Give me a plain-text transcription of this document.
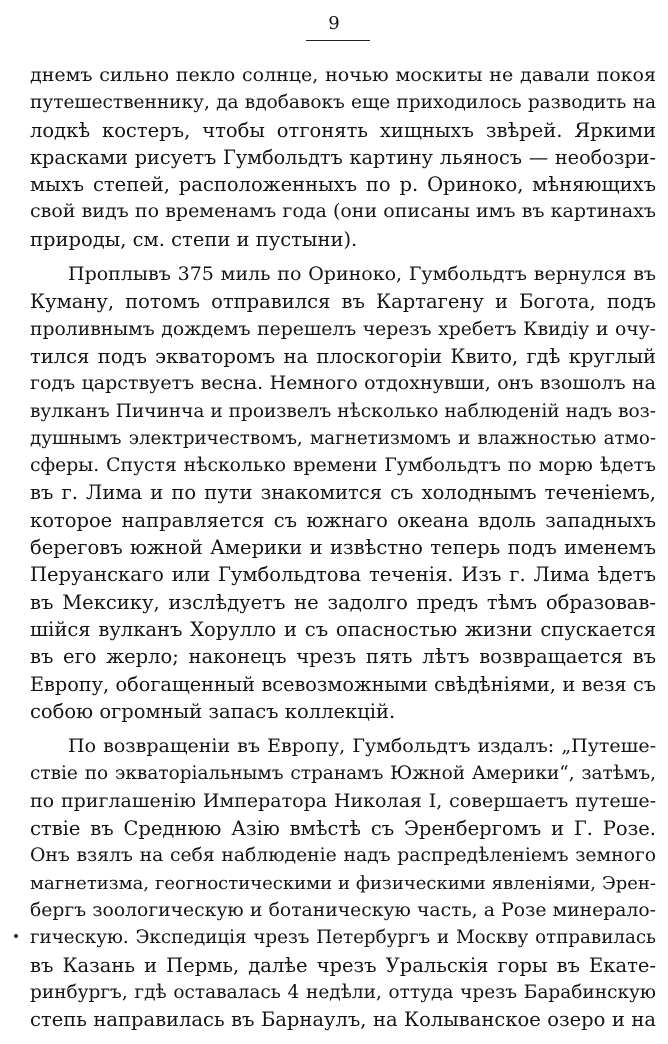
9
днемъ сильно пекло солнце, ночью москиты не давали покоя
путешественнику, да вдобавокъ еще приходилось разводить на
лодкѣ костеръ, чтобы отгонять хищныхъ звѣрей. Яркими
красками рисуетъ Гумбольдтъ картину льяносъ — необозри-
мыхъ степей, расположенныхъ по р. Ориноко, мѣняющихъ
свой видъ по временамъ года (они описаны имъ въ картинахъ
природы, см. степи и пустыни).
Проплывъ 375 миль по Ориноко, Гумбольдтъ вернулся въ
Куману, потомъ отправился въ Картагену и Богота, подъ
проливнымъ дождемъ перешелъ черезъ хребетъ Квидiу и очу-
тился подъ экваторомъ на плоскогорiи Квито, гдѣ круглый
годъ царствуетъ весна. Немного отдохнувши, онъ взошолъ на
вулканъ Пичинча и произвелъ нѣсколько наблюденiй надъ воз-
душнымъ электричествомъ, магнетизмомъ и влажностью атмо-
сферы. Спустя нѣсколько времени Гумбольдтъ по морю ѣдетъ
въ г. Лима и по пути знакомится съ холоднымъ теченiемъ,
которое направляется съ южнаго океана вдоль западныхъ
береговъ южной Америки и извѣстно теперь подъ именемъ
Перуанскаго или Гумбольдтова теченiя. Изъ г. Лима ѣдетъ
въ Мексику, изслѣдуетъ не задолго предъ тѣмъ образовав-
шiйся вулканъ Хорулло и съ опасностью жизни спускается
въ его жерло; наконецъ чрезъ пять лѣтъ возвращается въ
Европу, обогащенный всевозможными свѣдѣнiями, и везя съ
собою огромный запасъ коллекцiй.
По возвращенiи въ Европу, Гумбольдтъ издалъ: „Путеше-
ствiе по экваторiальнымъ странамъ Южной Америки“, затѣмъ,
по приглашенiю Императора Николая I, совершаетъ путеше-
ствiе въ Среднюю Азiю вмѣстѣ съ Эренбергомъ и Г. Розе.
Онъ взялъ на себя наблюденiе надъ распредѣленiемъ земного
магнетизма, геогностическими и физическими явленiями, Эрен-
бергъ зоологическую и ботаническую часть, а Розе минерало-
гическую. Экспедицiя чрезъ Петербургъ и Москву отправилась
въ Казань и Пермь, далѣе чрезъ Уральскiя горы въ Екатe-
ринбургъ, гдѣ оставалась 4 недѣли, оттуда чрезъ Барабинскую
степь направилась въ Барнаулъ, на Колыванское озеро и на
